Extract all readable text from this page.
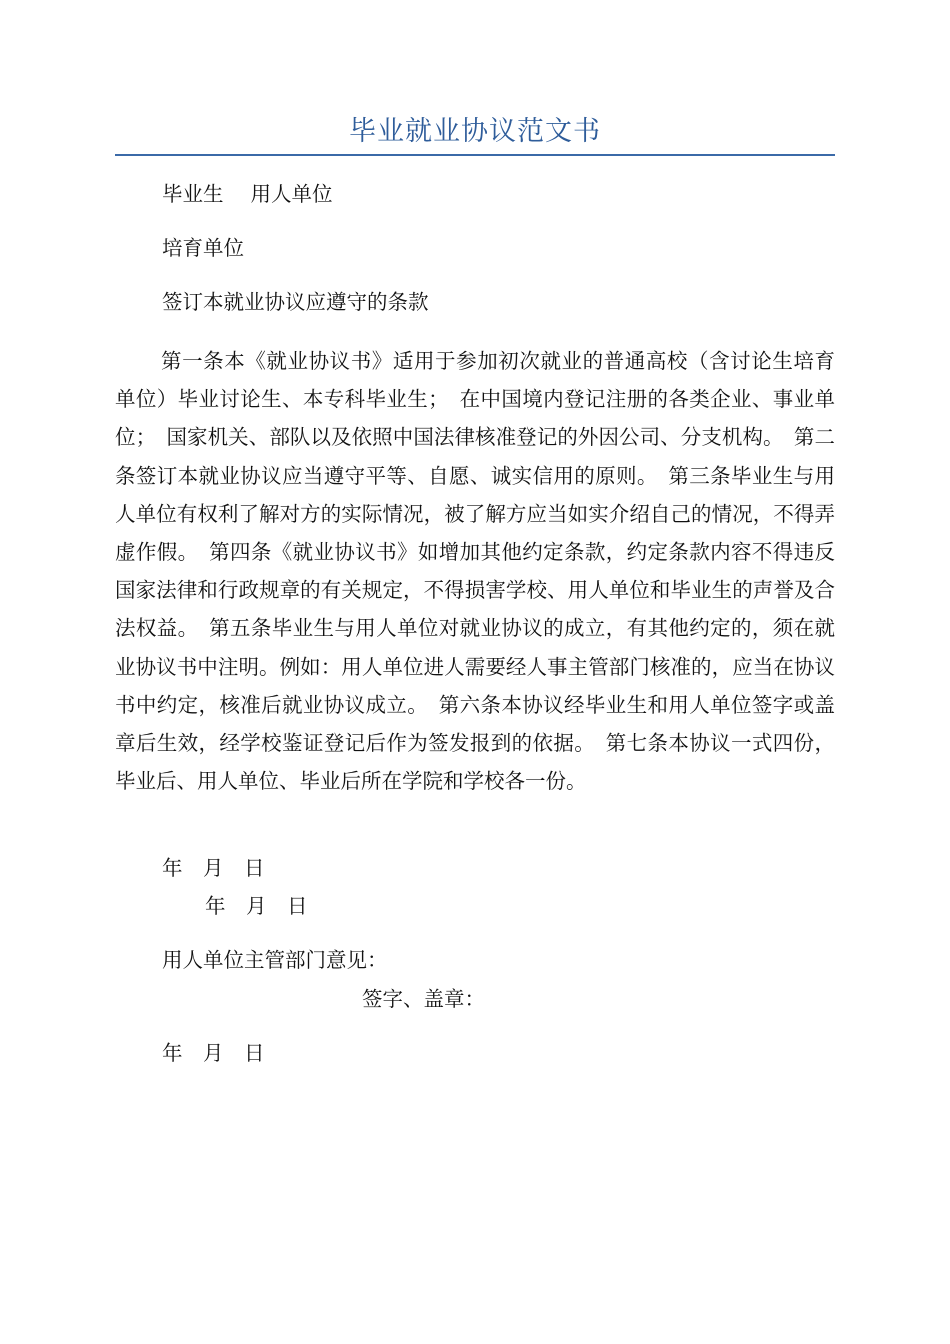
毕业就业协议范文书
毕业生 　用人单位
培育单位
签订本就业协议应遵守的条款

第一条本《就业协议书》适用于参加初次就业的普通高校（含讨论生培育单位）毕业讨论生、本专科毕业生；　在中国境内登记注册的各类企业、事业单位；　国家机关、部队以及依照中国法律核准登记的外因公司、分支机构。　第二条签订本就业协议应当遵守平等、自愿、诚实信用的原则。　第三条毕业生与用人单位有权利了解对方的实际情况，被了解方应当如实介绍自己的情况，不得弄虚作假。　第四条《就业协议书》如增加其他约定条款，约定条款内容不得违反国家法律和行政规章的有关规定，不得损害学校、用人单位和毕业生的声誉及合法权益。　第五条毕业生与用人单位对就业协议的成立，有其他约定的，须在就业协议书中注明。例如：用人单位进人需要经人事主管部门核准的，应当在协议书中约定，核准后就业协议成立。　第六条本协议经毕业生和用人单位签字或盖章后生效，经学校鉴证登记后作为签发报到的依据。　第七条本协议一式四份，毕业后、用人单位、毕业后所在学院和学校各一份。

年　月　日
年　月　日
用人单位主管部门意见：
签字、盖章：
年　月　日
